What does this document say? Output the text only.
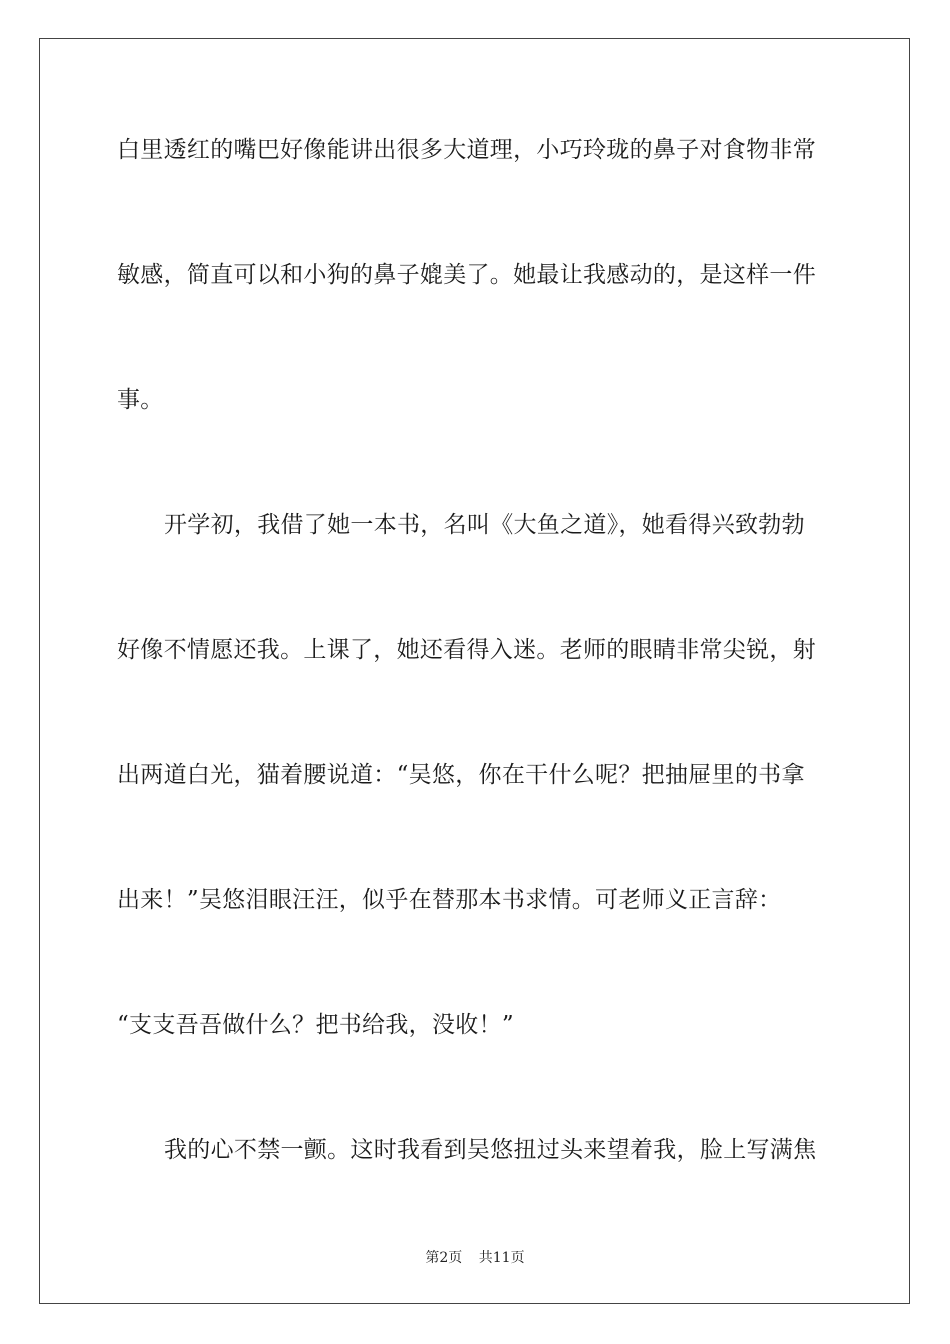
白里透红的嘴巴好像能讲出很多大道理，小巧玲珑的鼻子对食物非常
敏感，简直可以和小狗的鼻子媲美了。她最让我感动的，是这样一件
事。
开学初，我借了她一本书，名叫《大鱼之道》，她看得兴致勃勃
好像不情愿还我。上课了，她还看得入迷。老师的眼睛非常尖锐，射
出两道白光，猫着腰说道：“吴悠，你在干什么呢？把抽屉里的书拿
出来！”吴悠泪眼汪汪，似乎在替那本书求情。可老师义正言辞：
“支支吾吾做什么？把书给我，没收！”
我的心不禁一颤。这时我看到吴悠扭过头来望着我，脸上写满焦
第2页 共11页
